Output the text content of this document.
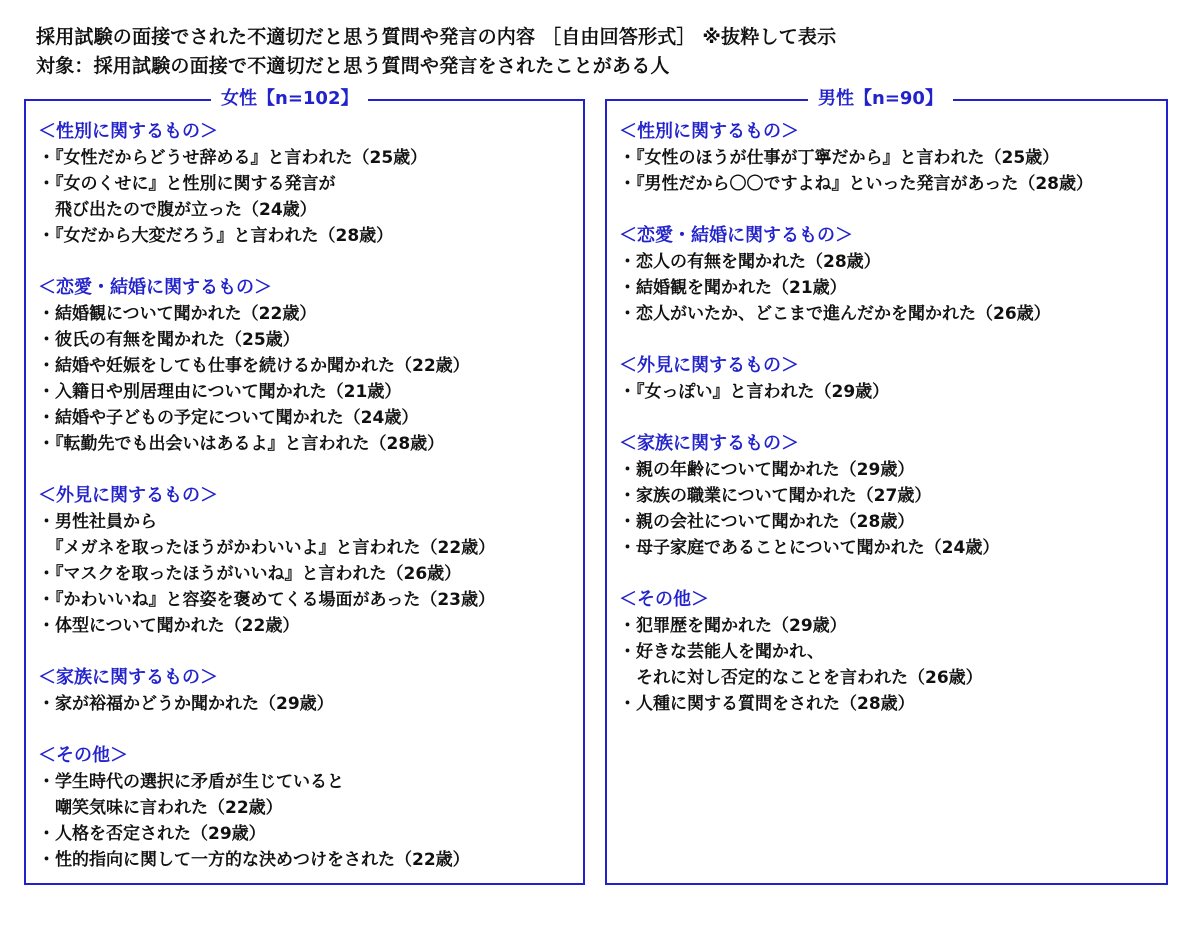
採用試験の面接でされた不適切だと思う質問や発言の内容 ［自由回答形式］ ※抜粋して表示
対象：採用試験の面接で不適切だと思う質問や発言をされたことがある人
女性【n=102】
＜性別に関するもの＞
・『女性だからどうせ辞める』と言われた（25歳）
・『女のくせに』と性別に関する発言が
　飛び出たので腹が立った（24歳）
・『女だから大変だろう』と言われた（28歳）
＜恋愛・結婚に関するもの＞
・結婚観について聞かれた（22歳）
・彼氏の有無を聞かれた（25歳）
・結婚や妊娠をしても仕事を続けるか聞かれた（22歳）
・入籍日や別居理由について聞かれた（21歳）
・結婚や子どもの予定について聞かれた（24歳）
・『転勤先でも出会いはあるよ』と言われた（28歳）
＜外見に関するもの＞
・男性社員から
　『メガネを取ったほうがかわいいよ』と言われた（22歳）
・『マスクを取ったほうがいいね』と言われた（26歳）
・『かわいいね』と容姿を褒めてくる場面があった（23歳）
・体型について聞かれた（22歳）
＜家族に関するもの＞
・家が裕福かどうか聞かれた（29歳）
＜その他＞
・学生時代の選択に矛盾が生じていると
　嘲笑気味に言われた（22歳）
・人格を否定された（29歳）
・性的指向に関して一方的な決めつけをされた（22歳）
男性【n=90】
＜性別に関するもの＞
・『女性のほうが仕事が丁寧だから』と言われた（25歳）
・『男性だから〇〇ですよね』といった発言があった（28歳）
＜恋愛・結婚に関するもの＞
・恋人の有無を聞かれた（28歳）
・結婚観を聞かれた（21歳）
・恋人がいたか、どこまで進んだかを聞かれた（26歳）
＜外見に関するもの＞
・『女っぽい』と言われた（29歳）
＜家族に関するもの＞
・親の年齢について聞かれた（29歳）
・家族の職業について聞かれた（27歳）
・親の会社について聞かれた（28歳）
・母子家庭であることについて聞かれた（24歳）
＜その他＞
・犯罪歴を聞かれた（29歳）
・好きな芸能人を聞かれ、
　それに対し否定的なことを言われた（26歳）
・人種に関する質問をされた（28歳）
